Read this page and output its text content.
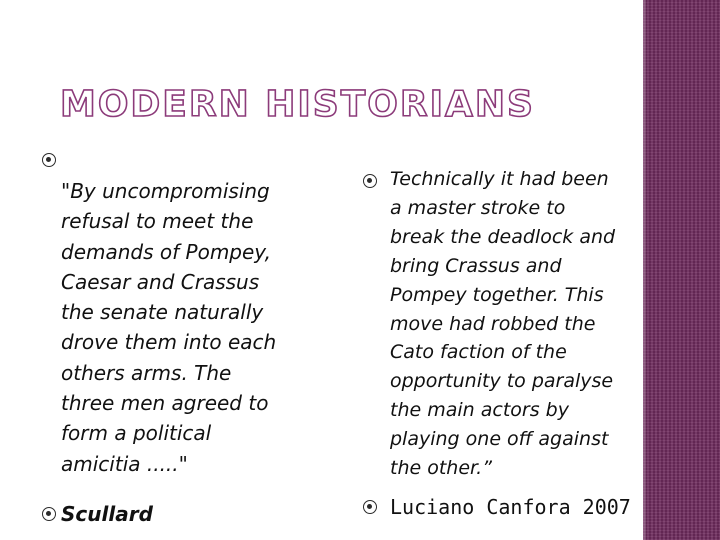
MODERN HISTORIANS
"By uncompromising
refusal to meet the
demands of Pompey,
Caesar and Crassus
the senate naturally
drove them into each
others arms. The
three men agreed to
form a political
amicitia ....."
Scullard
Technically it had been
a master stroke to
break the deadlock and
bring Crassus and
Pompey together. This
move had robbed the
Cato faction of the
opportunity to paralyse
the main actors by
playing one off against
the other.”
Luciano Canfora 2007
